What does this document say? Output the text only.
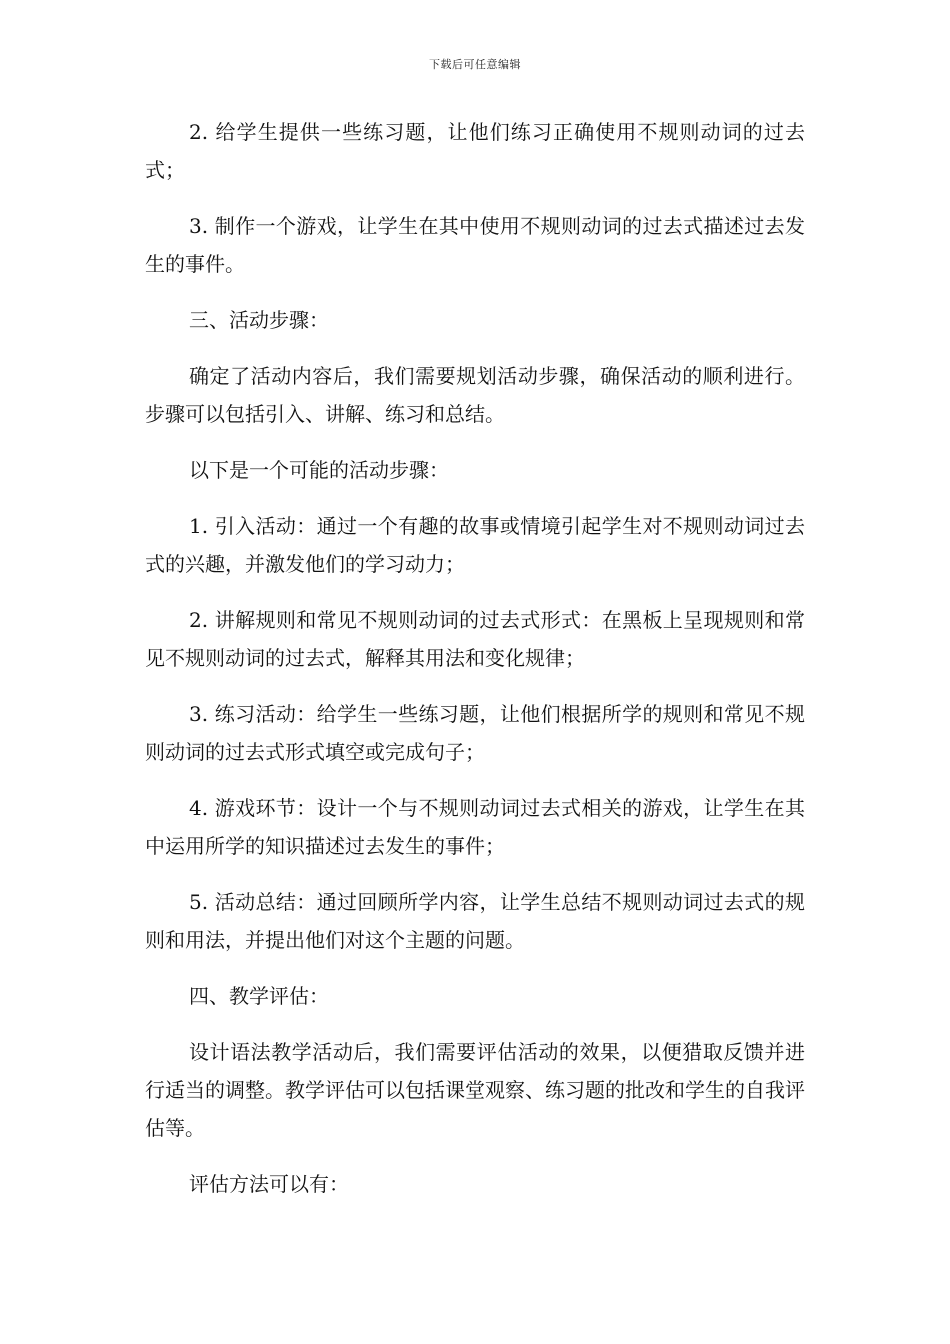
下载后可任意编辑

2. 给学生提供一些练习题，让他们练习正确使用不规则动词的过去式；

3. 制作一个游戏，让学生在其中使用不规则动词的过去式描述过去发生的事件。

三、活动步骤：

确定了活动内容后，我们需要规划活动步骤，确保活动的顺利进行。步骤可以包括引入、讲解、练习和总结。

以下是一个可能的活动步骤：

1. 引入活动：通过一个有趣的故事或情境引起学生对不规则动词过去式的兴趣，并激发他们的学习动力；

2. 讲解规则和常见不规则动词的过去式形式：在黑板上呈现规则和常见不规则动词的过去式，解释其用法和变化规律；

3. 练习活动：给学生一些练习题，让他们根据所学的规则和常见不规则动词的过去式形式填空或完成句子；

4. 游戏环节：设计一个与不规则动词过去式相关的游戏，让学生在其中运用所学的知识描述过去发生的事件；

5. 活动总结：通过回顾所学内容，让学生总结不规则动词过去式的规则和用法，并提出他们对这个主题的问题。

四、教学评估：

设计语法教学活动后，我们需要评估活动的效果，以便猎取反馈并进行适当的调整。教学评估可以包括课堂观察、练习题的批改和学生的自我评估等。

评估方法可以有：
